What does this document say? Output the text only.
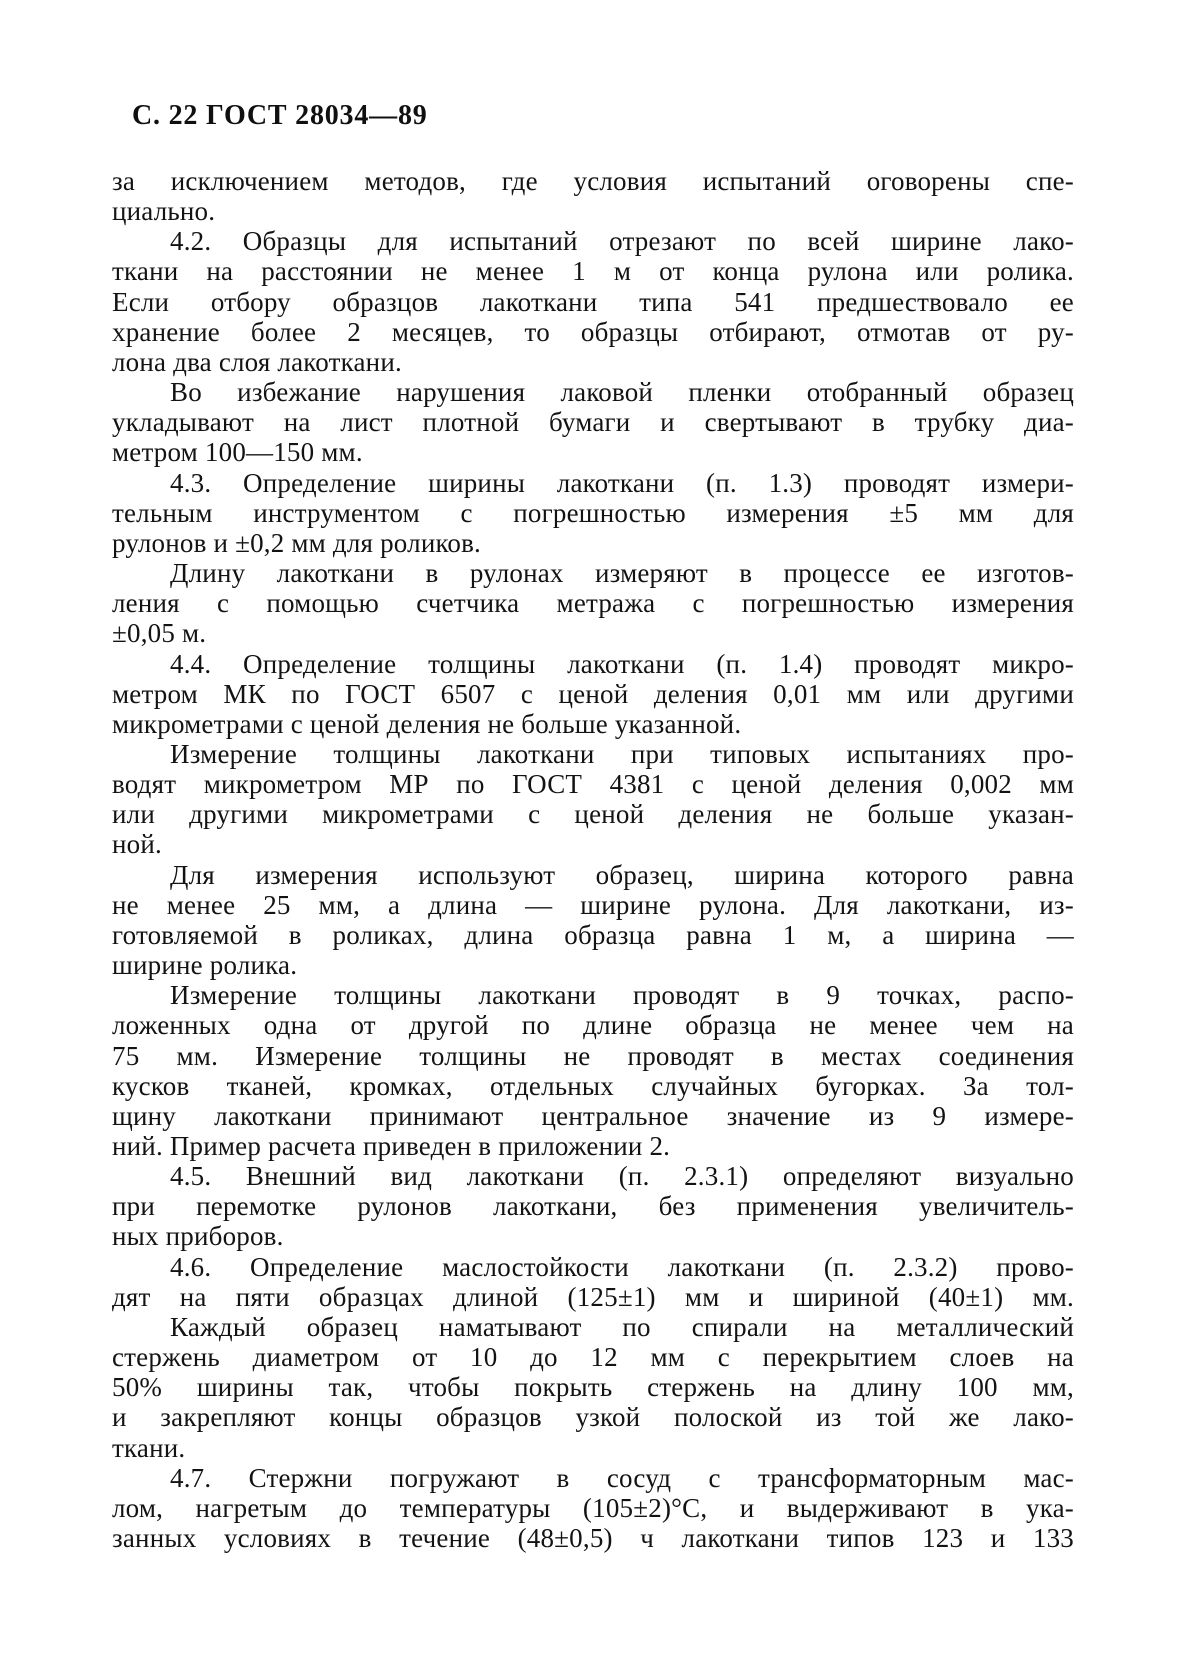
С. 22 ГОСТ 28034—89
за исключением методов, где условия испытаний оговорены спе-
циально.
4.2. Образцы для испытаний отрезают по всей ширине лако-
ткани на расстоянии не менее 1 м от конца рулона или ролика.
Если отбору образцов лакоткани типа 541 предшествовало ее
хранение более 2 месяцев, то образцы отбирают, отмотав от ру-
лона два слоя лакоткани.
Во избежание нарушения лаковой пленки отобранный образец
укладывают на лист плотной бумаги и свертывают в трубку диа-
метром 100—150 мм.
4.3. Определение ширины лакоткани (п. 1.3) проводят измери-
тельным инструментом с погрешностью измерения ±5 мм для
рулонов и ±0,2 мм для роликов.
Длину лакоткани в рулонах измеряют в процессе ее изготов-
ления с помощью счетчика метража с погрешностью измерения
±0,05 м.
4.4. Определение толщины лакоткани (п. 1.4) проводят микро-
метром МК по ГОСТ 6507 с ценой деления 0,01 мм или другими
микрометрами с ценой деления не больше указанной.
Измерение толщины лакоткани при типовых испытаниях про-
водят микрометром МР по ГОСТ 4381 с ценой деления 0,002 мм
или другими микрометрами с ценой деления не больше указан-
ной.
Для измерения используют образец, ширина которого равна
не менее 25 мм, а длина — ширине рулона. Для лакоткани, из-
готовляемой в роликах, длина образца равна 1 м, а ширина —
ширине ролика.
Измерение толщины лакоткани проводят в 9 точках, распо-
ложенных одна от другой по длине образца не менее чем на
75 мм. Измерение толщины не проводят в местах соединения
кусков тканей, кромках, отдельных случайных бугорках. За тол-
щину лакоткани принимают центральное значение из 9 измере-
ний. Пример расчета приведен в приложении 2.
4.5. Внешний вид лакоткани (п. 2.3.1) определяют визуально
при перемотке рулонов лакоткани, без применения увеличитель-
ных приборов.
4.6. Определение маслостойкости лакоткани (п. 2.3.2) прово-
дят на пяти образцах длиной (125±1) мм и шириной (40±1) мм.
Каждый образец наматывают по спирали на металлический
стержень диаметром от 10 до 12 мм с перекрытием слоев на
50% ширины так, чтобы покрыть стержень на длину 100 мм,
и закрепляют концы образцов узкой полоской из той же лако-
ткани.
4.7. Стержни погружают в сосуд с трансформаторным мас-
лом, нагретым до температуры (105±2)°С, и выдерживают в ука-
занных условиях в течение (48±0,5) ч лакоткани типов 123 и 133
